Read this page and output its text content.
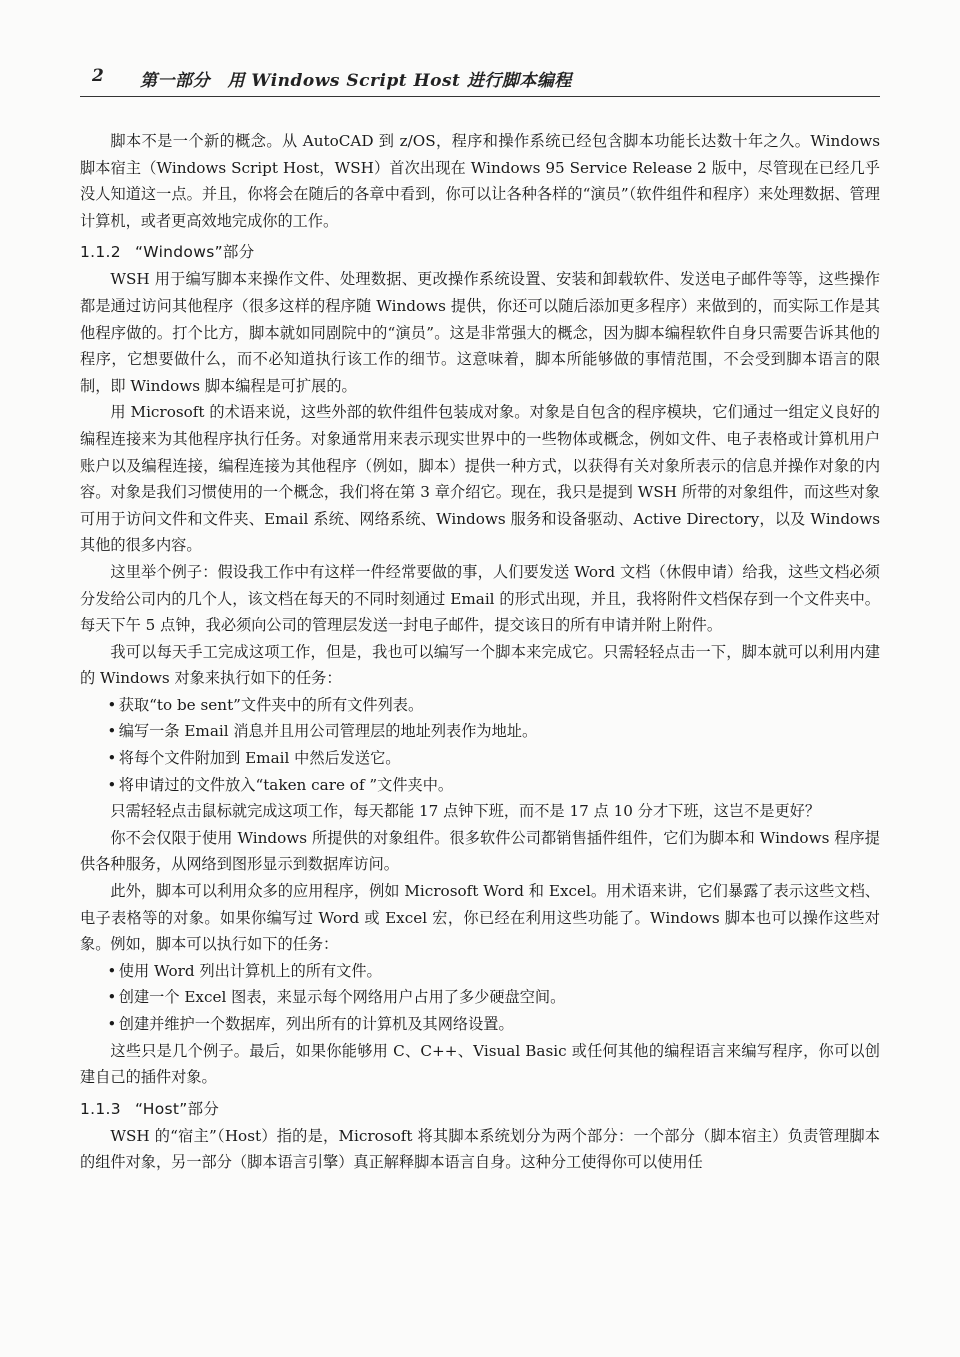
2 第一部分　用 Windows Script Host 进行脚本编程

脚本不是一个新的概念。从 AutoCAD 到 z/OS，程序和操作系统已经包含脚本功能长达数十年之久。Windows 脚本宿主（Windows Script Host，WSH）首次出现在 Windows 95 Service Release 2 版中，尽管现在已经几乎没人知道这一点。并且，你将会在随后的各章中看到，你可以让各种各样的“演员”（软件组件和程序）来处理数据、管理计算机，或者更高效地完成你的工作。

1.1.2 “Windows”部分

WSH 用于编写脚本来操作文件、处理数据、更改操作系统设置、安装和卸载软件、发送电子邮件等等，这些操作都是通过访问其他程序（很多这样的程序随 Windows 提供，你还可以随后添加更多程序）来做到的，而实际工作是其他程序做的。打个比方，脚本就如同剧院中的“演员”。这是非常强大的概念，因为脚本编程软件自身只需要告诉其他的程序，它想要做什么，而不必知道执行该工作的细节。这意味着，脚本所能够做的事情范围，不会受到脚本语言的限制，即 Windows 脚本编程是可扩展的。

用 Microsoft 的术语来说，这些外部的软件组件包装成对象。对象是自包含的程序模块，它们通过一组定义良好的编程连接来为其他程序执行任务。对象通常用来表示现实世界中的一些物体或概念，例如文件、电子表格或计算机用户账户以及编程连接，编程连接为其他程序（例如，脚本）提供一种方式，以获得有关对象所表示的信息并操作对象的内容。对象是我们习惯使用的一个概念，我们将在第 3 章介绍它。现在，我只是提到 WSH 所带的对象组件，而这些对象可用于访问文件和文件夹、Email 系统、网络系统、Windows 服务和设备驱动、Active Directory，以及 Windows 其他的很多内容。

这里举个例子：假设我工作中有这样一件经常要做的事，人们要发送 Word 文档（休假申请）给我，这些文档必须分发给公司内的几个人，该文档在每天的不同时刻通过 Email 的形式出现，并且，我将附件文档保存到一个文件夹中。每天下午 5 点钟，我必须向公司的管理层发送一封电子邮件，提交该日的所有申请并附上附件。

我可以每天手工完成这项工作，但是，我也可以编写一个脚本来完成它。只需轻轻点击一下，脚本就可以利用内建的 Windows 对象来执行如下的任务：

• 获取“to be sent”文件夹中的所有文件列表。
• 编写一条 Email 消息并且用公司管理层的地址列表作为地址。
• 将每个文件附加到 Email 中然后发送它。
• 将申请过的文件放入“taken care of ”文件夹中。

只需轻轻点击鼠标就完成这项工作，每天都能 17 点钟下班，而不是 17 点 10 分才下班，这岂不是更好？

你不会仅限于使用 Windows 所提供的对象组件。很多软件公司都销售插件组件，它们为脚本和 Windows 程序提供各种服务，从网络到图形显示到数据库访问。

此外，脚本可以利用众多的应用程序，例如 Microsoft Word 和 Excel。用术语来讲，它们暴露了表示这些文档、电子表格等的对象。如果你编写过 Word 或 Excel 宏，你已经在利用这些功能了。Windows 脚本也可以操作这些对象。例如，脚本可以执行如下的任务：

• 使用 Word 列出计算机上的所有文件。
• 创建一个 Excel 图表，来显示每个网络用户占用了多少硬盘空间。
• 创建并维护一个数据库，列出所有的计算机及其网络设置。

这些只是几个例子。最后，如果你能够用 C、C++、Visual Basic 或任何其他的编程语言来编写程序，你可以创建自己的插件对象。

1.1.3 “Host”部分

WSH 的“宿主”（Host）指的是，Microsoft 将其脚本系统划分为两个部分：一个部分（脚本宿主）负责管理脚本的组件对象，另一部分（脚本语言引擎）真正解释脚本语言自身。这种分工使得你可以使用任
